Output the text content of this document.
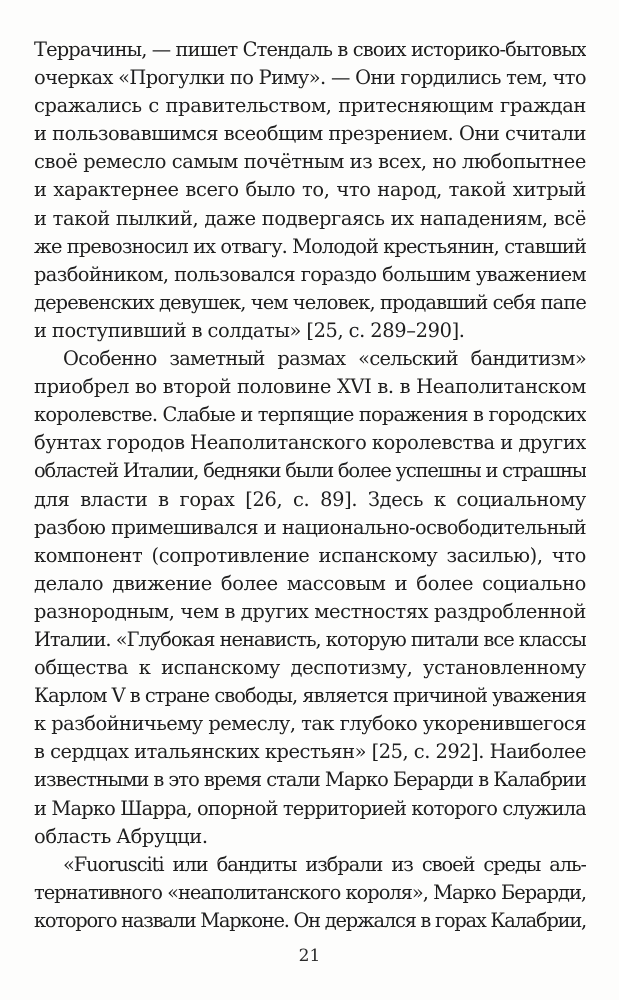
Террачины, — пишет Стендаль в своих историко-бытовых
очерках «Прогулки по Риму». — Они гордились тем, что
сражались с правительством, притесняющим граждан
и пользовавшимся всеобщим презрением. Они считали
своё ремесло самым почётным из всех, но любопытнее
и характернее всего было то, что народ, такой хитрый
и такой пылкий, даже подвергаясь их нападениям, всё
же превозносил их отвагу. Молодой крестьянин, ставший
разбойником, пользовался гораздо большим уважением
деревенских девушек, чем человек, продавший себя папе
и поступивший в солдаты» [25, с. 289–290].
Особенно заметный размах «сельский бандитизм»
приобрел во второй половине XVI в. в Неаполитанском
королевстве. Слабые и терпящие поражения в городских
бунтах городов Неаполитанского королевства и других
областей Италии, бедняки были более успешны и страшны
для власти в горах [26, с. 89]. Здесь к социальному
разбою примешивался и национально-освободительный
компонент (сопротивление испанскому засилью), что
делало движение более массовым и более социально
разнородным, чем в других местностях раздробленной
Италии. «Глубокая ненависть, которую питали все классы
общества к испанскому деспотизму, установленному
Карлом V в стране свободы, является причиной уважения
к разбойничьему ремеслу, так глубоко укоренившегося
в сердцах итальянских крестьян» [25, с. 292]. Наиболее
известными в это время стали Марко Берарди в Калабрии
и Марко Шарра, опорной территорией которого служила
область Абруцци.
«Fuorusciti или бандиты избрали из своей среды аль-
тернативного «неаполитанского короля», Марко Берарди,
которого назвали Марконе. Он держался в горах Калабрии,
21
